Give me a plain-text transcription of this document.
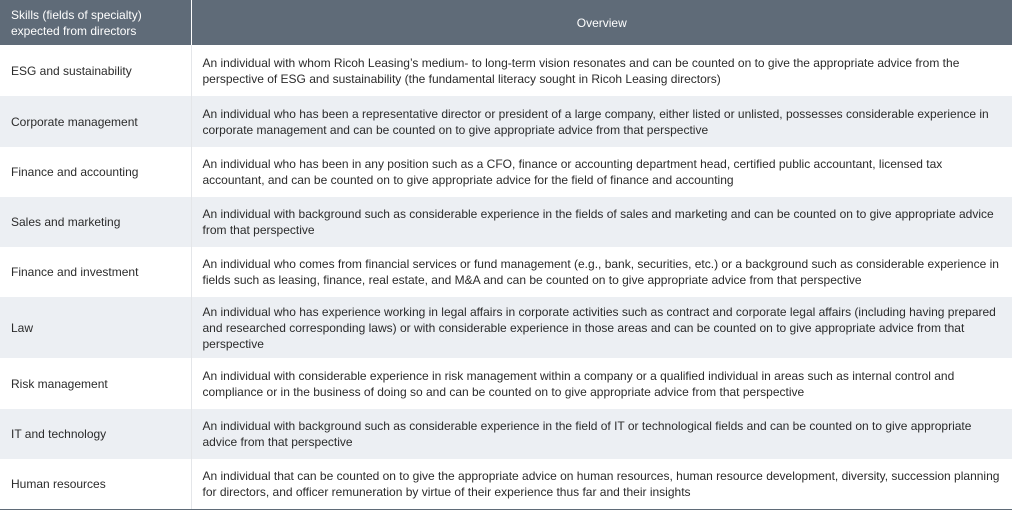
Skills (fields of specialty) expected from directors	Overview
ESG and sustainability	An individual with whom Ricoh Leasing’s medium- to long-term vision resonates and can be counted on to give the appropriate advice from the perspective of ESG and sustainability (the fundamental literacy sought in Ricoh Leasing directors)
Corporate management	An individual who has been a representative director or president of a large company, either listed or unlisted, possesses considerable experience in corporate management and can be counted on to give appropriate advice from that perspective
Finance and accounting	An individual who has been in any position such as a CFO, finance or accounting department head, certified public accountant, licensed tax accountant, and can be counted on to give appropriate advice for the field of finance and accounting
Sales and marketing	An individual with background such as considerable experience in the fields of sales and marketing and can be counted on to give appropriate advice from that perspective
Finance and investment	An individual who comes from financial services or fund management (e.g., bank, securities, etc.) or a background such as considerable experience in fields such as leasing, finance, real estate, and M&A and can be counted on to give appropriate advice from that perspective
Law	An individual who has experience working in legal affairs in corporate activities such as contract and corporate legal affairs (including having prepared and researched corresponding laws) or with considerable experience in those areas and can be counted on to give appropriate advice from that perspective
Risk management	An individual with considerable experience in risk management within a company or a qualified individual in areas such as internal control and compliance or in the business of doing so and can be counted on to give appropriate advice from that perspective
IT and technology	An individual with background such as considerable experience in the field of IT or technological fields and can be counted on to give appropriate advice from that perspective
Human resources	An individual that can be counted on to give the appropriate advice on human resources, human resource development, diversity, succession planning for directors, and officer remuneration by virtue of their experience thus far and their insights
